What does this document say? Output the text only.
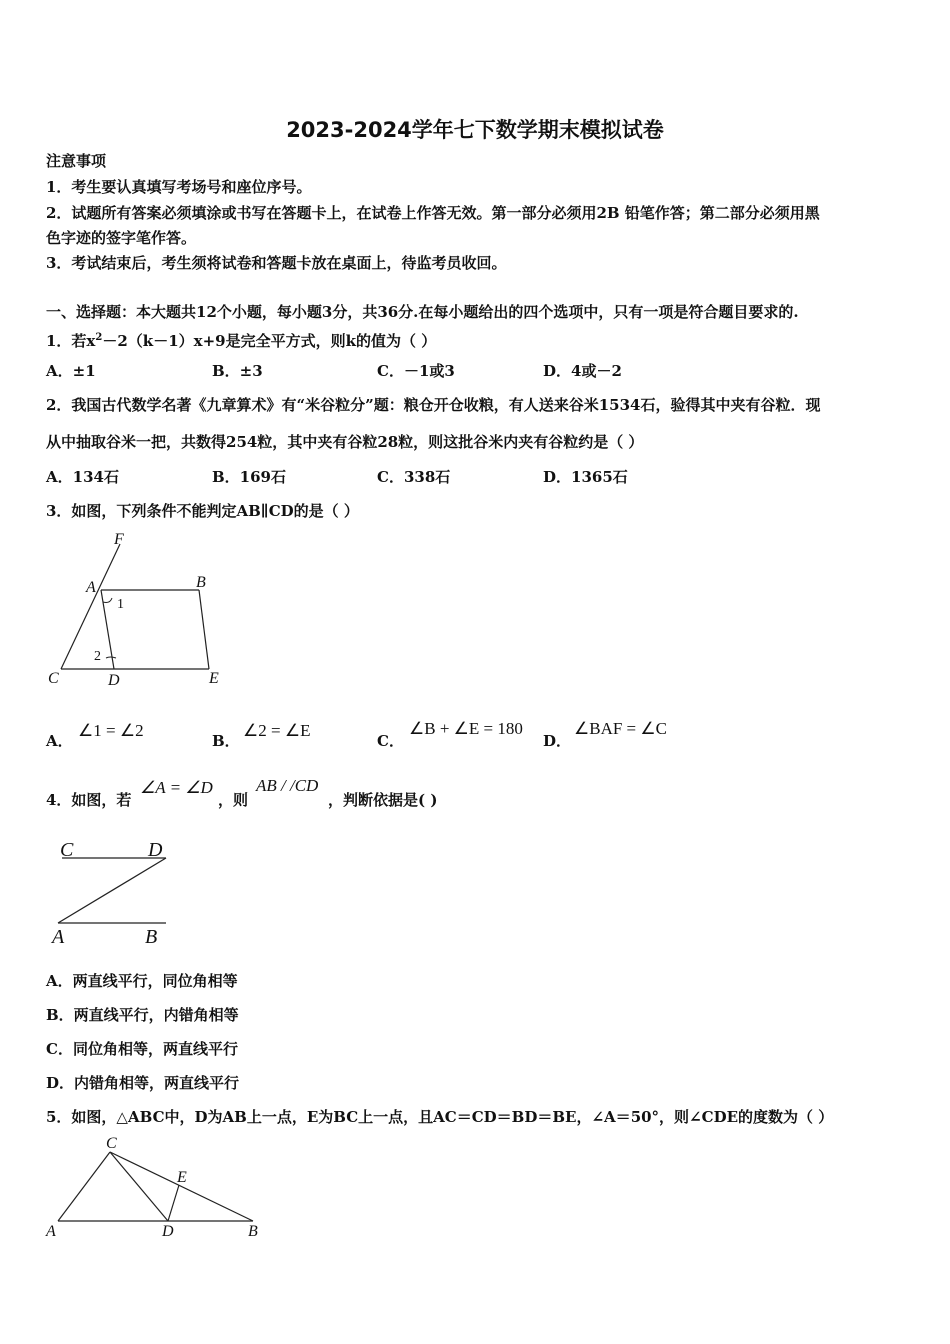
2023-2024学年七下数学期末模拟试卷
注意事项
1．考生要认真填写考场号和座位序号。
2．试题所有答案必须填涂或书写在答题卡上，在试卷上作答无效。第一部分必须用2B 铅笔作答；第二部分必须用黑
色字迹的签字笔作答。
3．考试结束后，考生须将试卷和答题卡放在桌面上，待监考员收回。
一、选择题：本大题共12个小题，每小题3分，共36分.在每小题给出的四个选项中，只有一项是符合题目要求的.
1．若$x^2-2(k-1)x+9$是完全平方式，则k的值为（ ）
A．±1	B．±3	C．－1或3	D．4或－2
2．我国古代数学名著《九章算术》有“米谷粒分”题：粮仓开仓收粮，有人送来谷米1534石，验得其中夹有谷粒．现
从中抽取谷米一把，共数得254粒，其中夹有谷粒28粒，则这批谷米内夹有谷粒约是（ ）
A．134石	B．169石	C．338石	D．1365石
3．如图，下列条件不能判定AB∥CD的是（ ）
F
A	B
1
2
C	D	E
A．
∠1 = ∠2
B．
∠2 = ∠E
C．
∠B + ∠E = 180
D．
∠BAF = ∠C
4．如图，若
∠A = ∠D
，则
AB / /CD
，判断依据是( )
C	D
A	B
A．两直线平行，同位角相等
B．两直线平行，内错角相等
C．同位角相等，两直线平行
D．内错角相等，两直线平行
5．如图，△ABC中，D为AB上一点，E为BC上一点，且AC＝CD＝BD＝BE，∠A＝50°，则∠CDE的度数为（ ）
C
E
A	D	B
